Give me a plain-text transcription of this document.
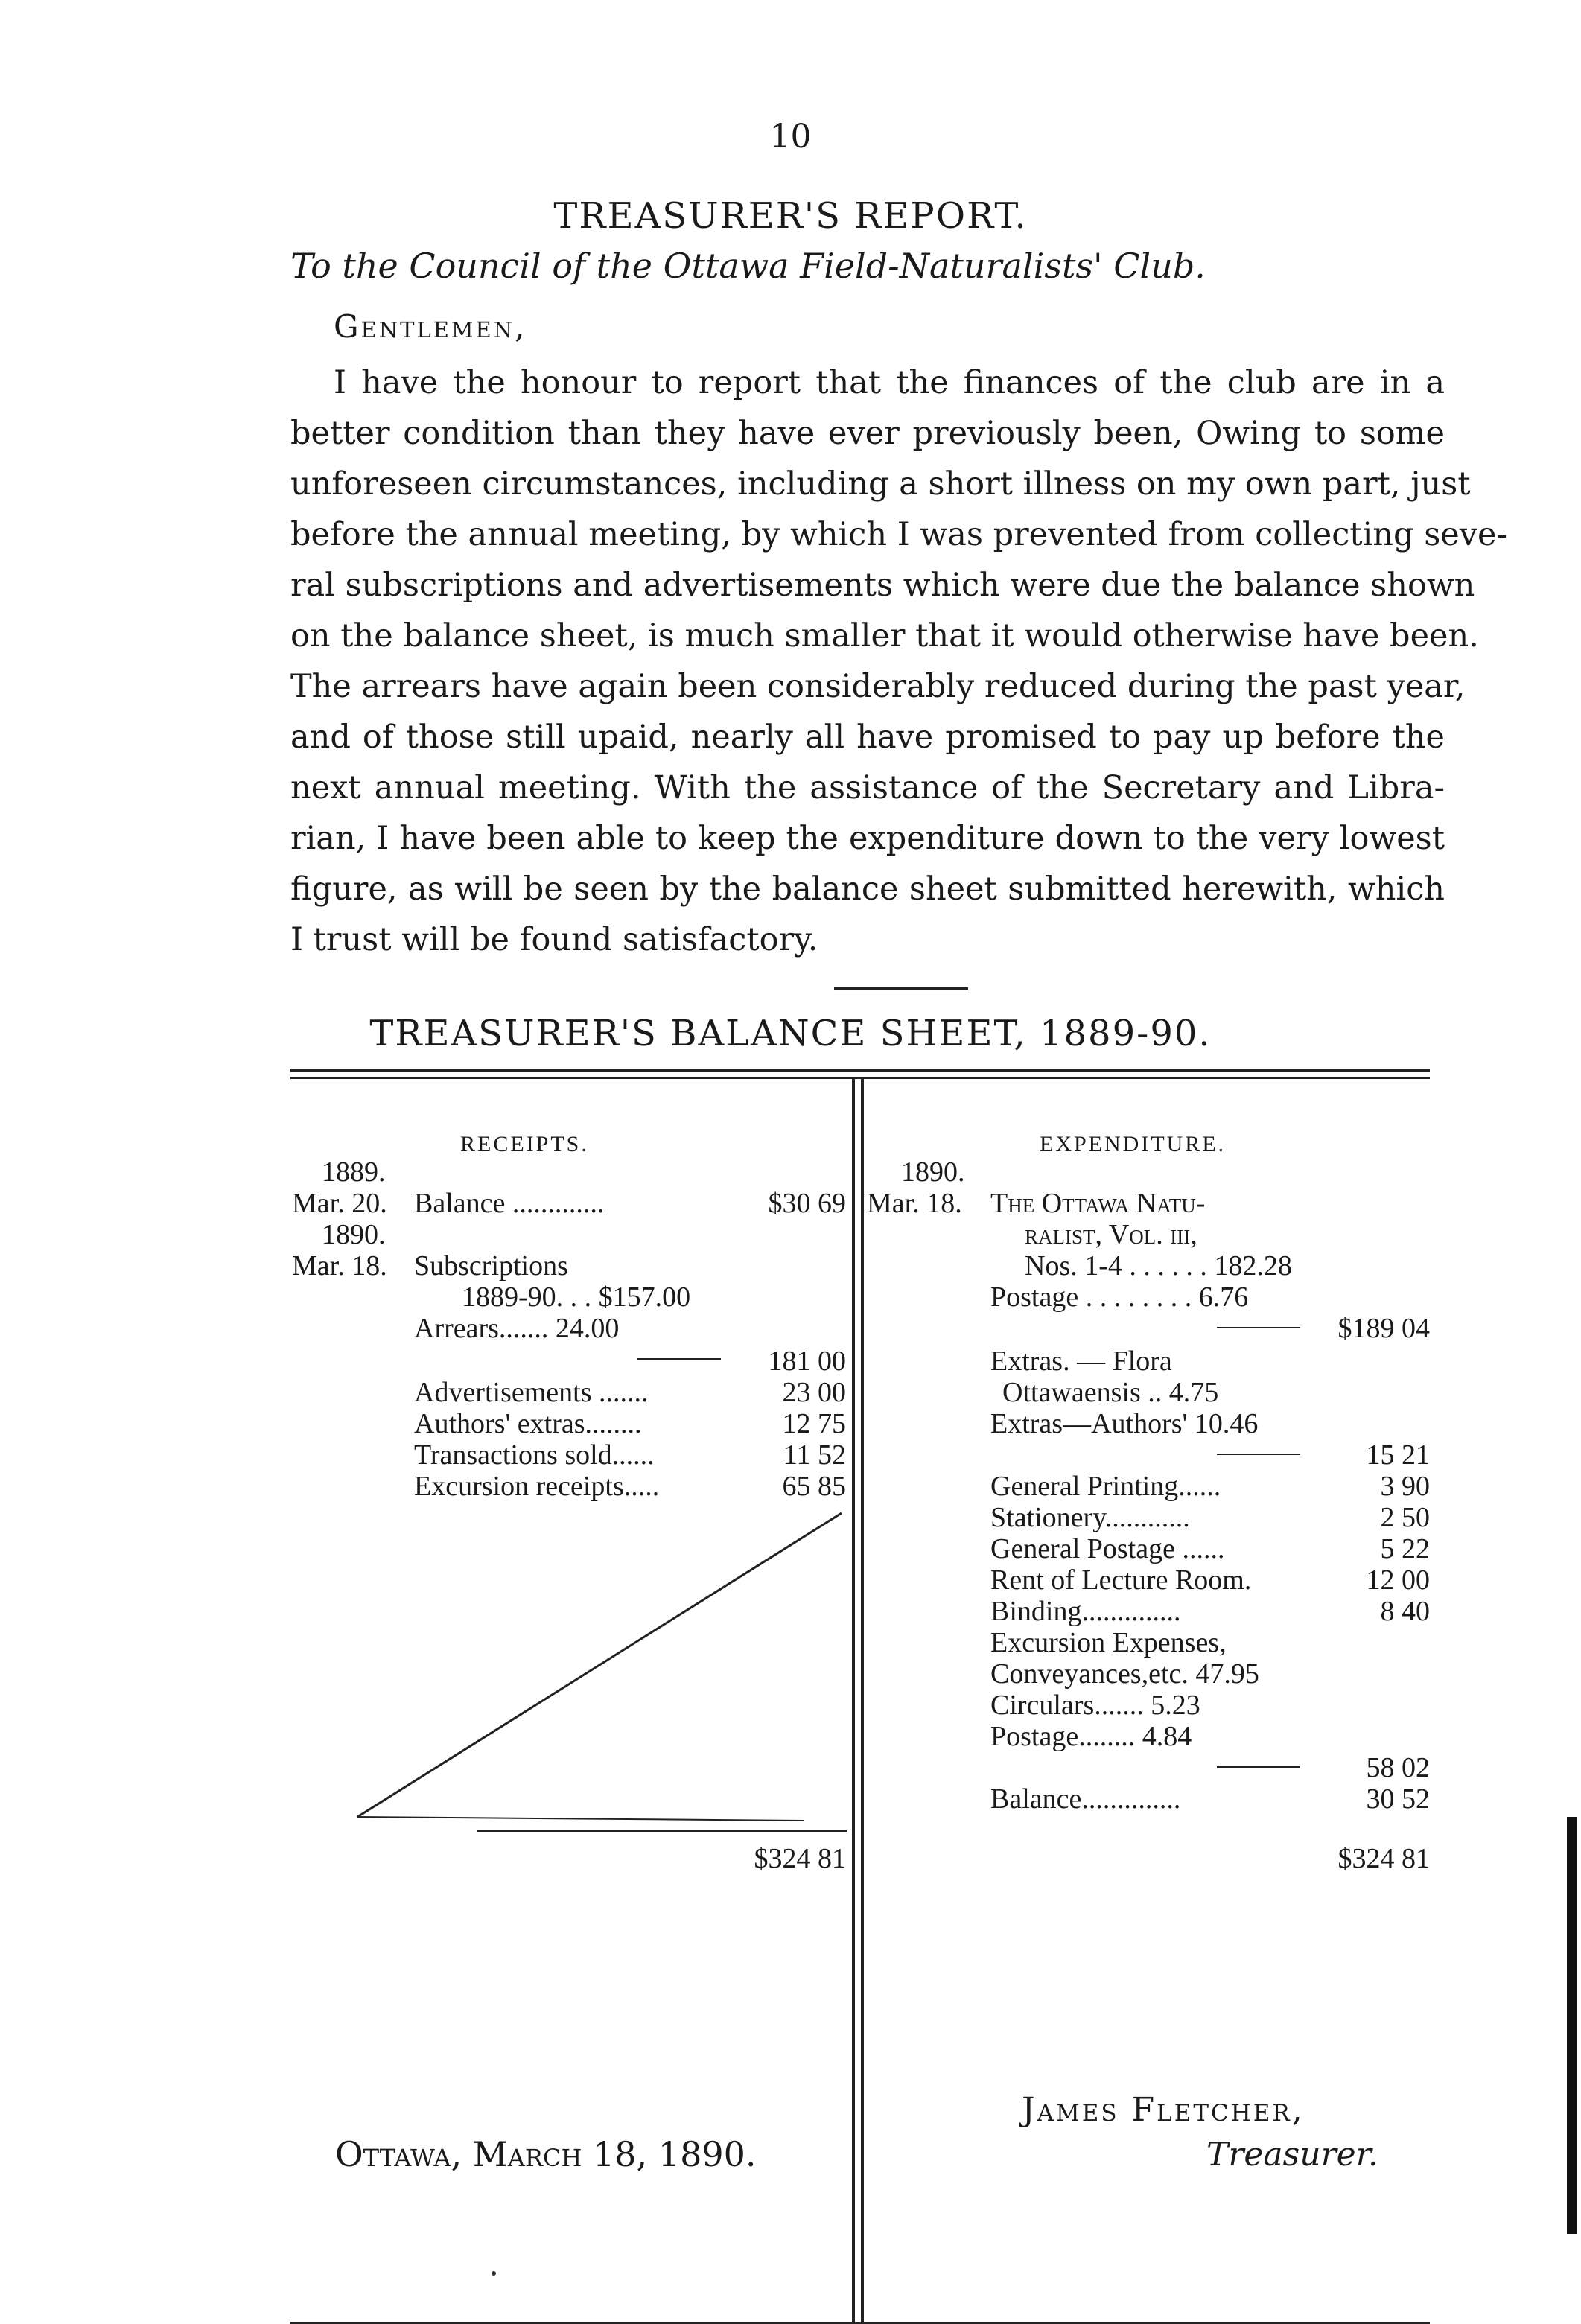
10
TREASURER'S REPORT.
To the Council of the Ottawa Field-Naturalists' Club.
Gentlemen,
I have the honour to report that the finances of the club are in a
better condition than they have ever previously been, Owing to some
unforeseen circumstances, including a short illness on my own part, just
before the annual meeting, by which I was prevented from collecting seve-
ral subscriptions and advertisements which were due the balance shown
on the balance sheet, is much smaller that it would otherwise have been.
The arrears have again been considerably reduced during the past year,
and of those still upaid, nearly all have promised to pay up before the
next annual meeting. With the assistance of the Secretary and Libra-
rian, I have been able to keep the expenditure down to the very lowest
figure, as will be seen by the balance sheet submitted herewith, which
I trust will be found satisfactory.
TREASURER'S BALANCE SHEET, 1889-90.
RECEIPTS.
1889.
Mar. 20. Balance .............	$30 69
1890.
Mar. 18. Subscriptions
1889-90. . . $157.00
Arrears....... 24.00
181 00
Advertisements .......	23 00
Authors' extras........	12 75
Transactions sold......	11 52
Excursion receipts.....	65 85
$324 81
EXPENDITURE.
1890.
Mar. 18. The Ottawa Natu-
ralist, Vol. iii,
Nos. 1-4 . . . . . . 182.28
Postage . . . . . . . . 6.76
$189 04
Extras. — Flora
Ottawaensis .. 4.75
Extras—Authors' 10.46
15 21
General Printing......	3 90
Stationery............	2 50
General Postage ......	5 22
Rent of Lecture Room.	12 00
Binding..............	8 40
Excursion Expenses,
Conveyances,etc. 47.95
Circulars....... 5.23
Postage........ 4.84
58 02
Balance..............	30 52
$324 81
James Fletcher,
Ottawa, March 18, 1890.	Treasurer.
